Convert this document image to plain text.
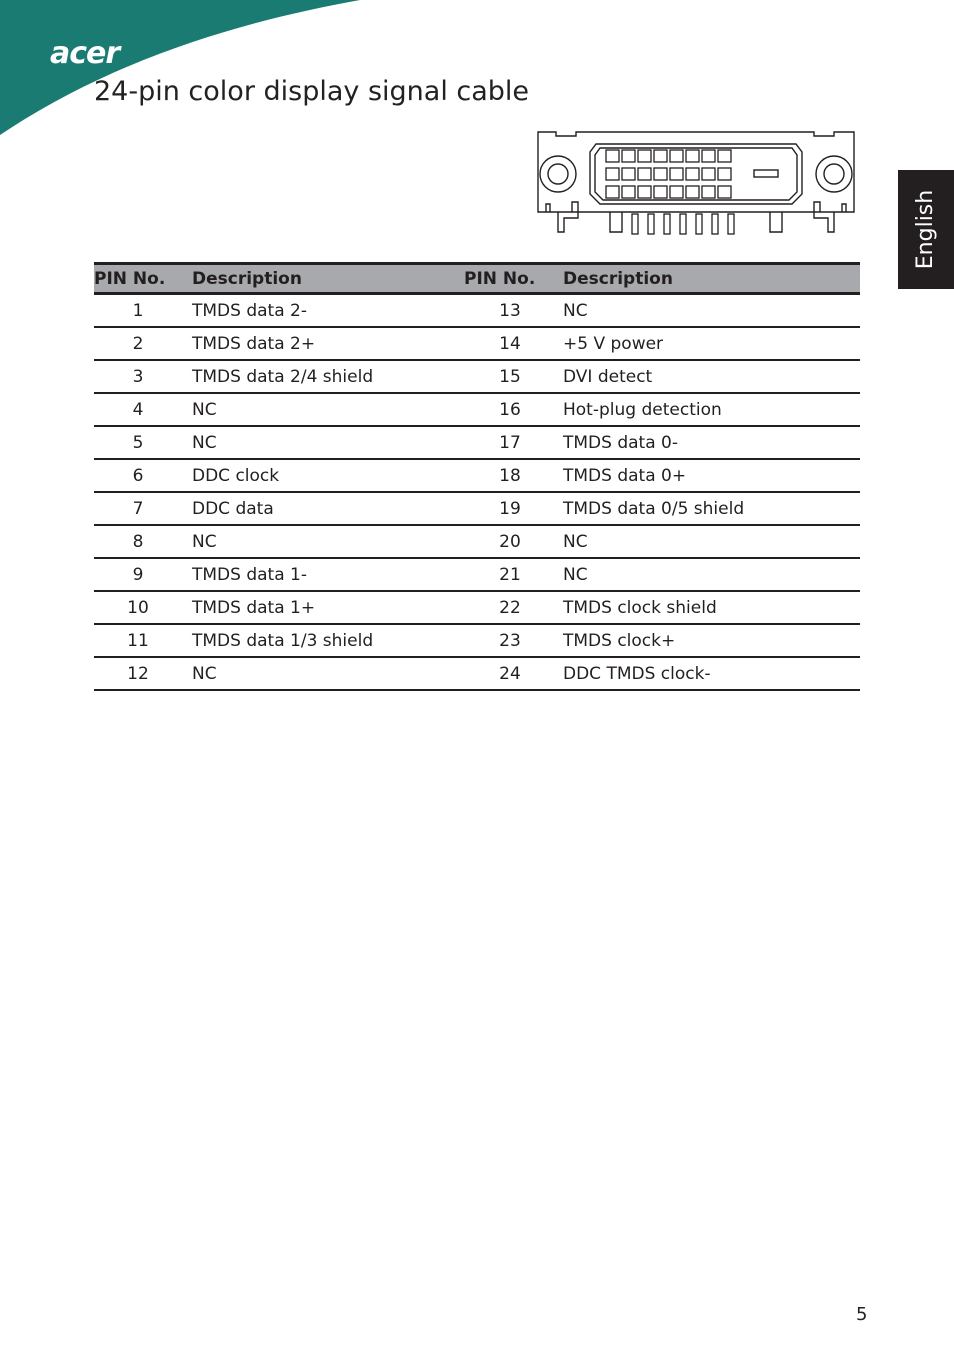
acer
24-pin color display signal cable
English
PIN No.	Description	PIN No.	Description
1	TMDS data 2-	13	NC
2	TMDS data 2+	14	+5 V power
3	TMDS data 2/4 shield	15	DVI detect
4	NC	16	Hot-plug detection
5	NC	17	TMDS data 0-
6	DDC clock	18	TMDS data 0+
7	DDC data	19	TMDS data 0/5 shield
8	NC	20	NC
9	TMDS data 1-	21	NC
10	TMDS data 1+	22	TMDS clock shield
11	TMDS data 1/3 shield	23	TMDS clock+
12	NC	24	DDC TMDS clock-
5
